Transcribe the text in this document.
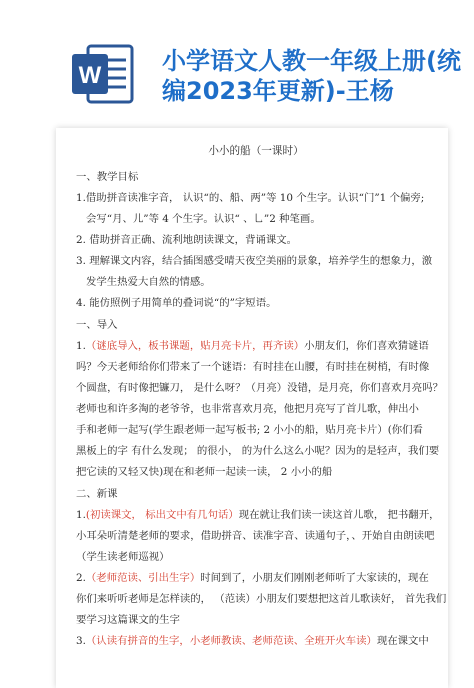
W
小学语文人教一年级上册(统
编2023年更新)-王杨
小小的船（一课时）
一、教学目标
1.借助拼音读准字音， 认识“的、船、两”等 10 个生字。认识“门”1 个偏旁;
会写“月、儿”等 4 个生字。认识“ 、乚”2 种笔画。
2. 借助拼音正确、流利地朗读课文，背诵课文。
3. 理解课文内容，结合插图感受晴天夜空美丽的景象，培养学生的想象力，激
发学生热爱大自然的情感。
4. 能仿照例子用简单的叠词说“的”字短语。
一、导入
1.（谜底导入，板书课题，贴月亮卡片，再齐读）小朋友们，你们喜欢猜谜语
吗？今天老师给你们带来了一个谜语：有时挂在山腰，有时挂在树梢，有时像
个圆盘，有时像把镰刀， 是什么呀？（月亮）没错，是月亮，你们喜欢月亮吗？
老师也和许多淘的老爷爷，也非常喜欢月亮，他把月亮写了首儿歌，伸出小
手和老师一起写(学生跟老师一起写板书; 2 小小的船，贴月亮卡片）(你们看
黑板上的字 有什么发现； 的很小， 的为什么这么小呢？因为的是轻声，我们要
把它读的又轻又快)现在和老师一起读一读， 2 小小的船
二、新课
1.(初读课文， 标出文中有几句话）现在就让我们读一读这首儿歌， 把书翻开，
小耳朵听清楚老师的要求，借助拼音、读准字音、读通句子，、开始自由朗读吧
（学生读老师巡视）
2.（老师范读、引出生字）时间到了，小朋友们刚刚老师听了大家读的，现在
你们来听听老师是怎样读的， （范读）小朋友们要想把这首儿歌读好， 首先我们
要学习这篇课文的生字
3.（认读有拼音的生字，小老师教读、老师范读、全班开火车读）现在课文中
